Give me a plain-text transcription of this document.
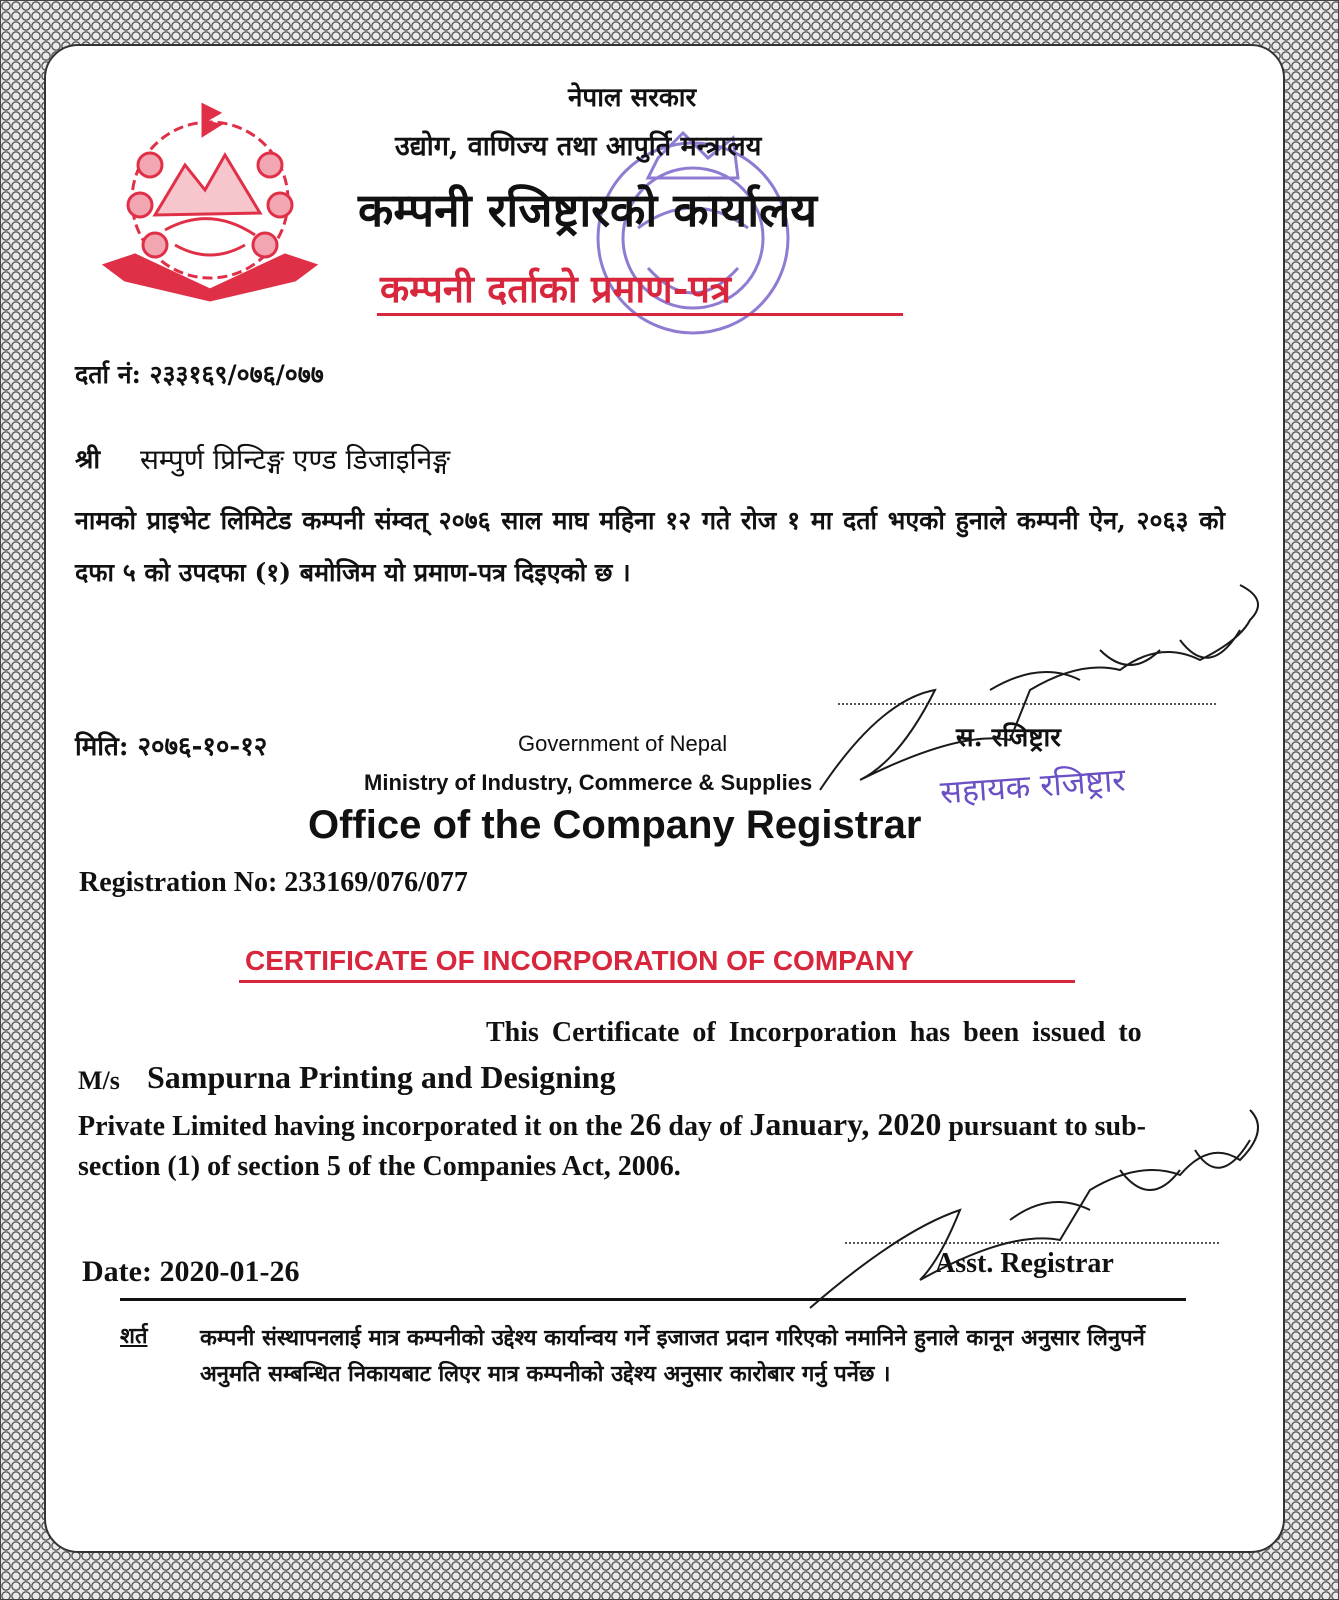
नेपाल सरकार
उद्योग, वाणिज्य तथा आपुर्ति मन्त्रालय
कम्पनी रजिष्ट्रारको कार्यालय
कम्पनी दर्ताको प्रमाण-पत्र
दर्ता नं: २३३१६९/०७६/०७७
श्री सम्पुर्ण प्रिन्टिङ्ग एण्ड डिजाइनिङ्ग
नामको प्राइभेट लिमिटेड कम्पनी संम्वत् २०७६ साल माघ महिना १२ गते रोज १ मा दर्ता भएको हुनाले कम्पनी ऐन, २०६३ को दफा ५ को उपदफा (१) बमोजिम यो प्रमाण-पत्र दिइएको छ ।
मिति: २०७६-१०-१२	स. रजिष्ट्रार
सहायक रजिष्ट्रार
Government of Nepal
Ministry of Industry, Commerce & Supplies
Office of the Company Registrar
Registration No: 233169/076/077
CERTIFICATE OF INCORPORATION OF COMPANY
This Certificate of Incorporation has been issued to
M/s Sampurna Printing and Designing
Private Limited having incorporated it on the 26 day of January, 2020 pursuant to sub-section (1) of section 5 of the Companies Act, 2006.
Asst. Registrar
Date: 2020-01-26
शर्त कम्पनी संस्थापनलाई मात्र कम्पनीको उद्देश्य कार्यान्वय गर्ने इजाजत प्रदान गरिएको नमानिने हुनाले कानून अनुसार लिनुपर्ने अनुमति सम्बन्धित निकायबाट लिएर मात्र कम्पनीको उद्देश्य अनुसार कारोबार गर्नु पर्नेछ ।
